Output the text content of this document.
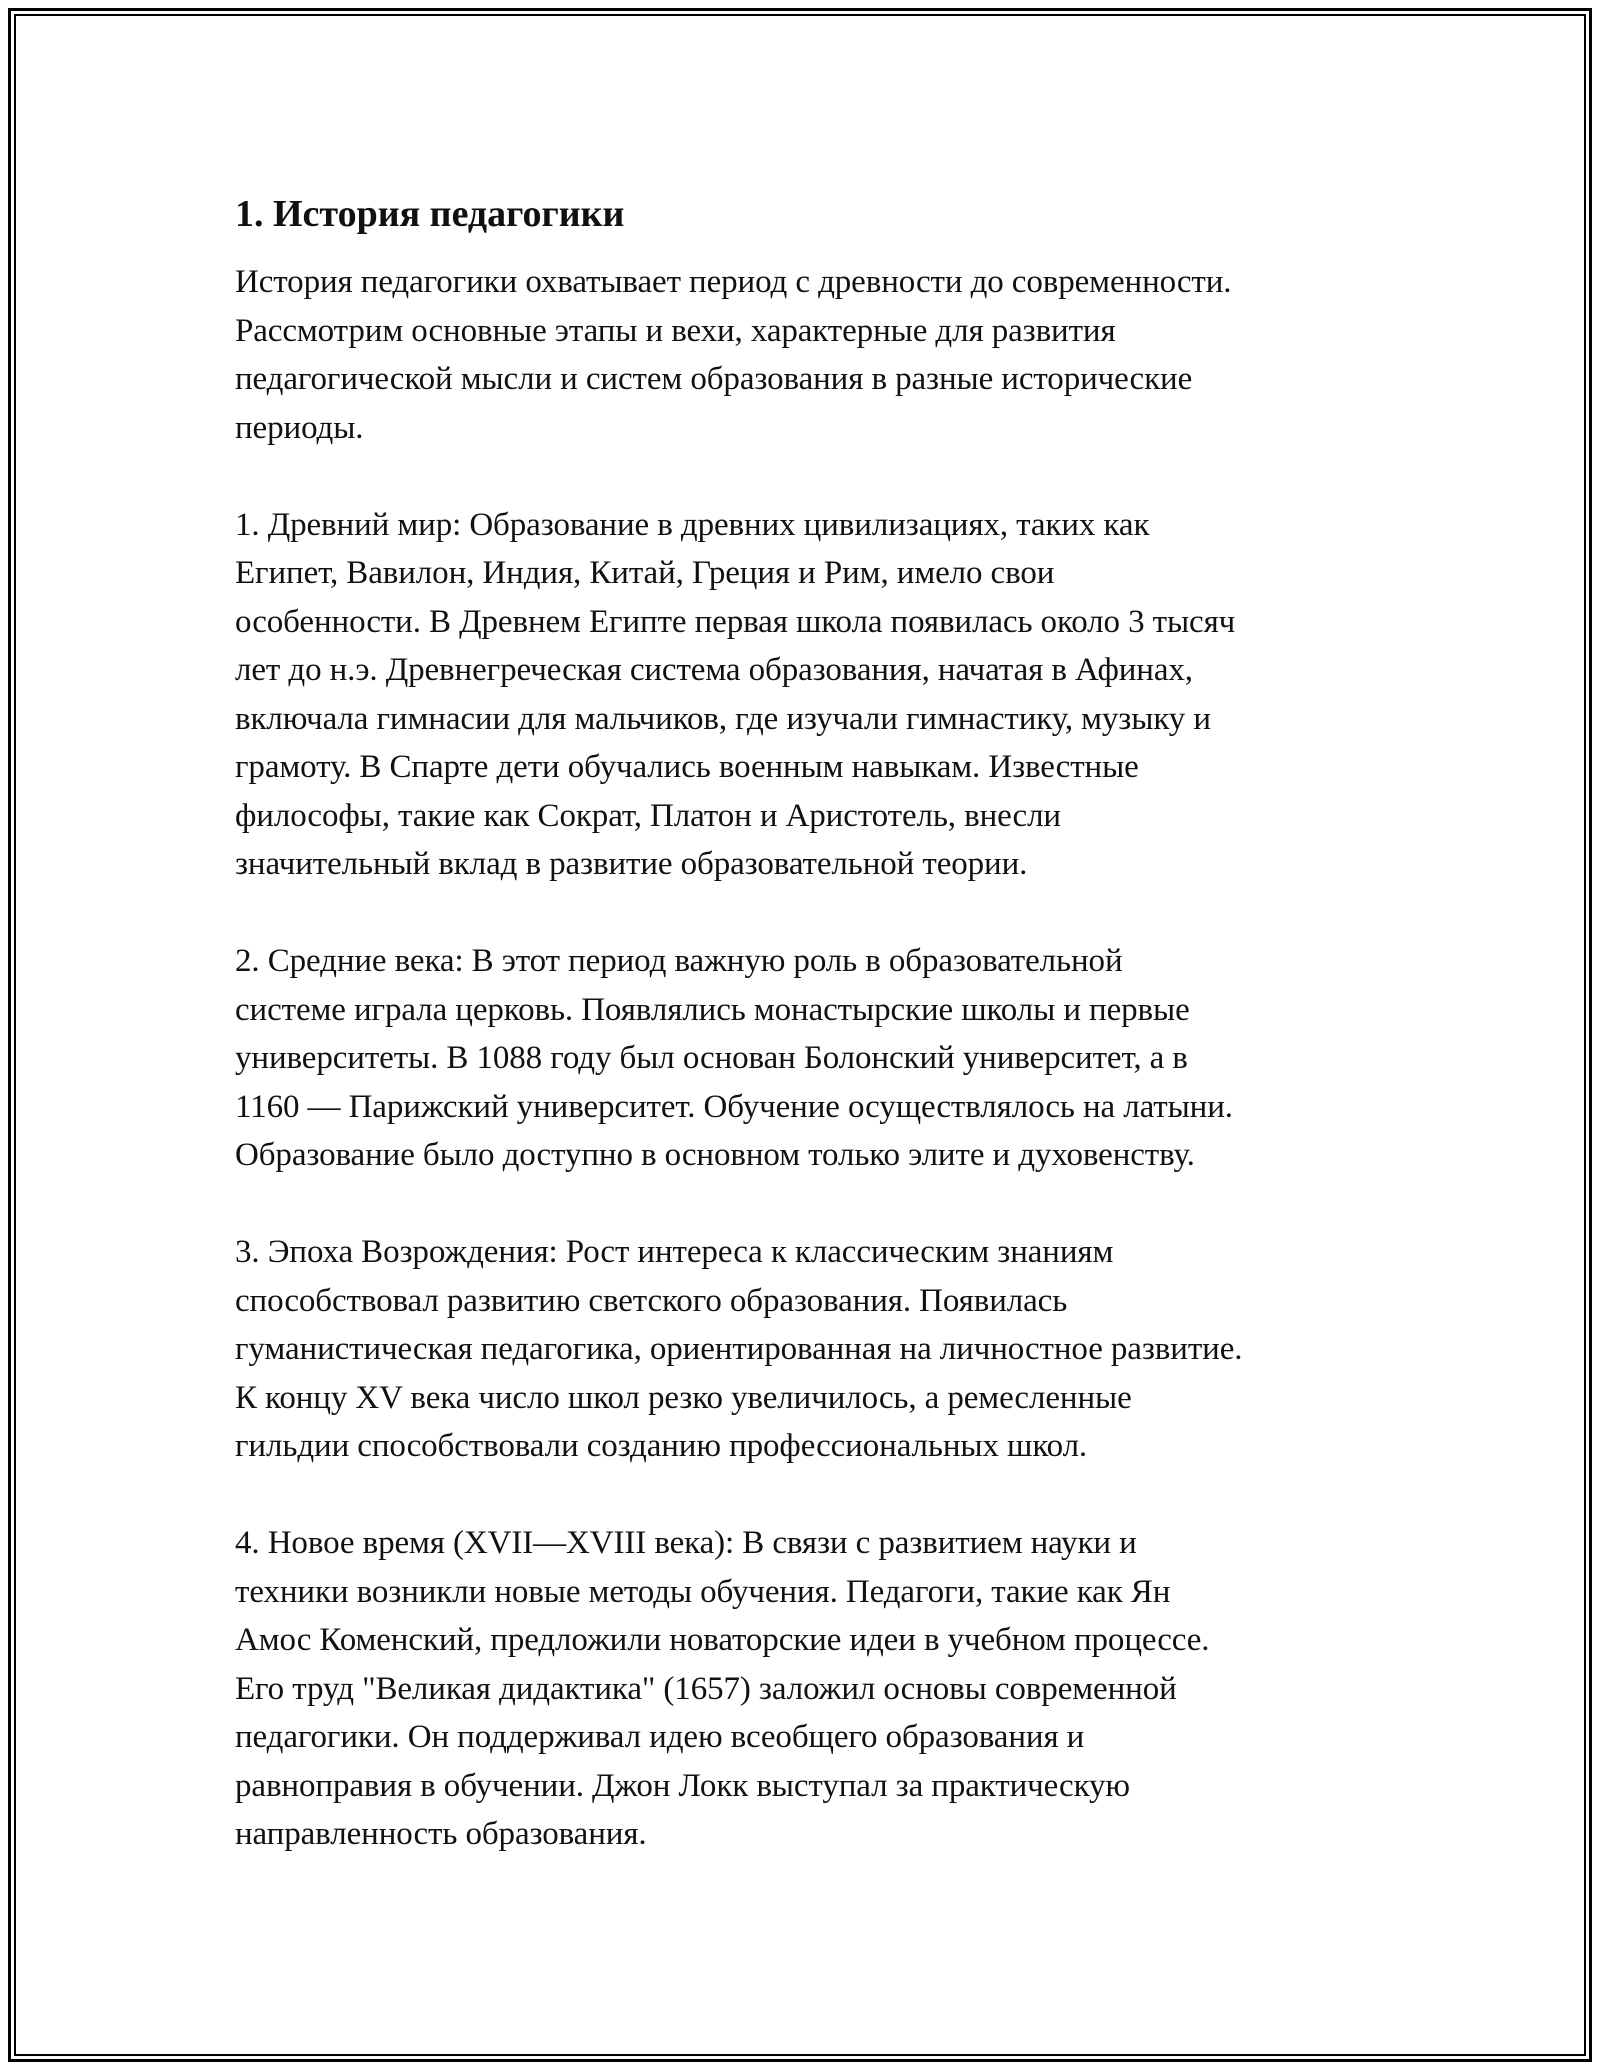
1. История педагогики
История педагогики охватывает период с древности до современности.
Рассмотрим основные этапы и вехи, характерные для развития
педагогической мысли и систем образования в разные исторические
периоды.
1. Древний мир: Образование в древних цивилизациях, таких как
Египет, Вавилон, Индия, Китай, Греция и Рим, имело свои
особенности. В Древнем Египте первая школа появилась около 3 тысяч
лет до н.э. Древнегреческая система образования, начатая в Афинах,
включала гимнасии для мальчиков, где изучали гимнастику, музыку и
грамоту. В Спарте дети обучались военным навыкам. Известные
философы, такие как Сократ, Платон и Аристотель, внесли
значительный вклад в развитие образовательной теории.
2. Средние века: В этот период важную роль в образовательной
системе играла церковь. Появлялись монастырские школы и первые
университеты. В 1088 году был основан Болонский университет, а в
1160 — Парижский университет. Обучение осуществлялось на латыни.
Образование было доступно в основном только элите и духовенству.
3. Эпоха Возрождения: Рост интереса к классическим знаниям
способствовал развитию светского образования. Появилась
гуманистическая педагогика, ориентированная на личностное развитие.
К концу XV века число школ резко увеличилось, а ремесленные
гильдии способствовали созданию профессиональных школ.
4. Новое время (XVII—XVIII века): В связи с развитием науки и
техники возникли новые методы обучения. Педагоги, такие как Ян
Амос Коменский, предложили новаторские идеи в учебном процессе.
Его труд "Великая дидактика" (1657) заложил основы современной
педагогики. Он поддерживал идею всеобщего образования и
равноправия в обучении. Джон Локк выступал за практическую
направленность образования.
